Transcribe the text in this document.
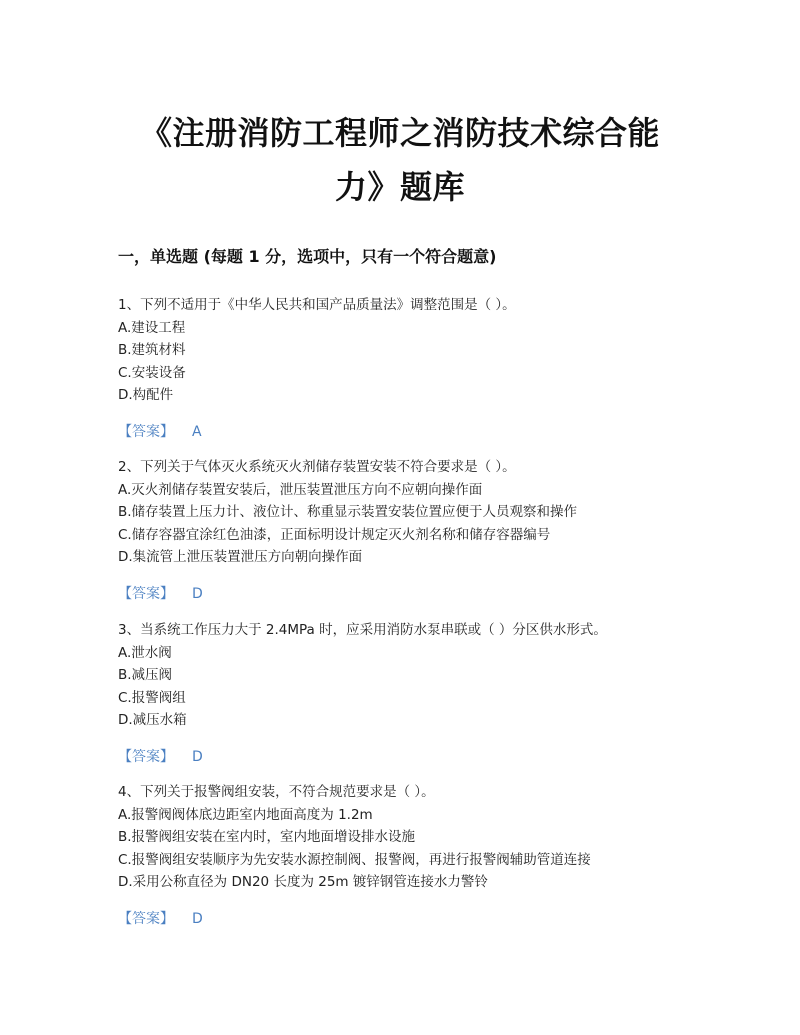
《注册消防工程师之消防技术综合能
力》题库
一，单选题 (每题 1 分，选项中，只有一个符合题意)
1、下列不适用于《中华人民共和国产品质量法》调整范围是（ ）。
A.建设工程
B.建筑材料
C.安装设备
D.构配件
【答案】 A
2、下列关于气体灭火系统灭火剂储存装置安装不符合要求是（ ）。
A.灭火剂储存装置安装后，泄压装置泄压方向不应朝向操作面
B.储存装置上压力计、液位计、称重显示装置安装位置应便于人员观察和操作
C.储存容器宜涂红色油漆，正面标明设计规定灭火剂名称和储存容器编号
D.集流管上泄压装置泄压方向朝向操作面
【答案】 D
3、当系统工作压力大于 2.4MPa 时，应采用消防水泵串联或（ ）分区供水形式。
A.泄水阀
B.减压阀
C.报警阀组
D.减压水箱
【答案】 D
4、下列关于报警阀组安装，不符合规范要求是（ ）。
A.报警阀阀体底边距室内地面高度为 1.2m
B.报警阀组安装在室内时，室内地面增设排水设施
C.报警阀组安装顺序为先安装水源控制阀、报警阀，再进行报警阀辅助管道连接
D.采用公称直径为 DN20 长度为 25m 镀锌钢管连接水力警铃
【答案】 D
